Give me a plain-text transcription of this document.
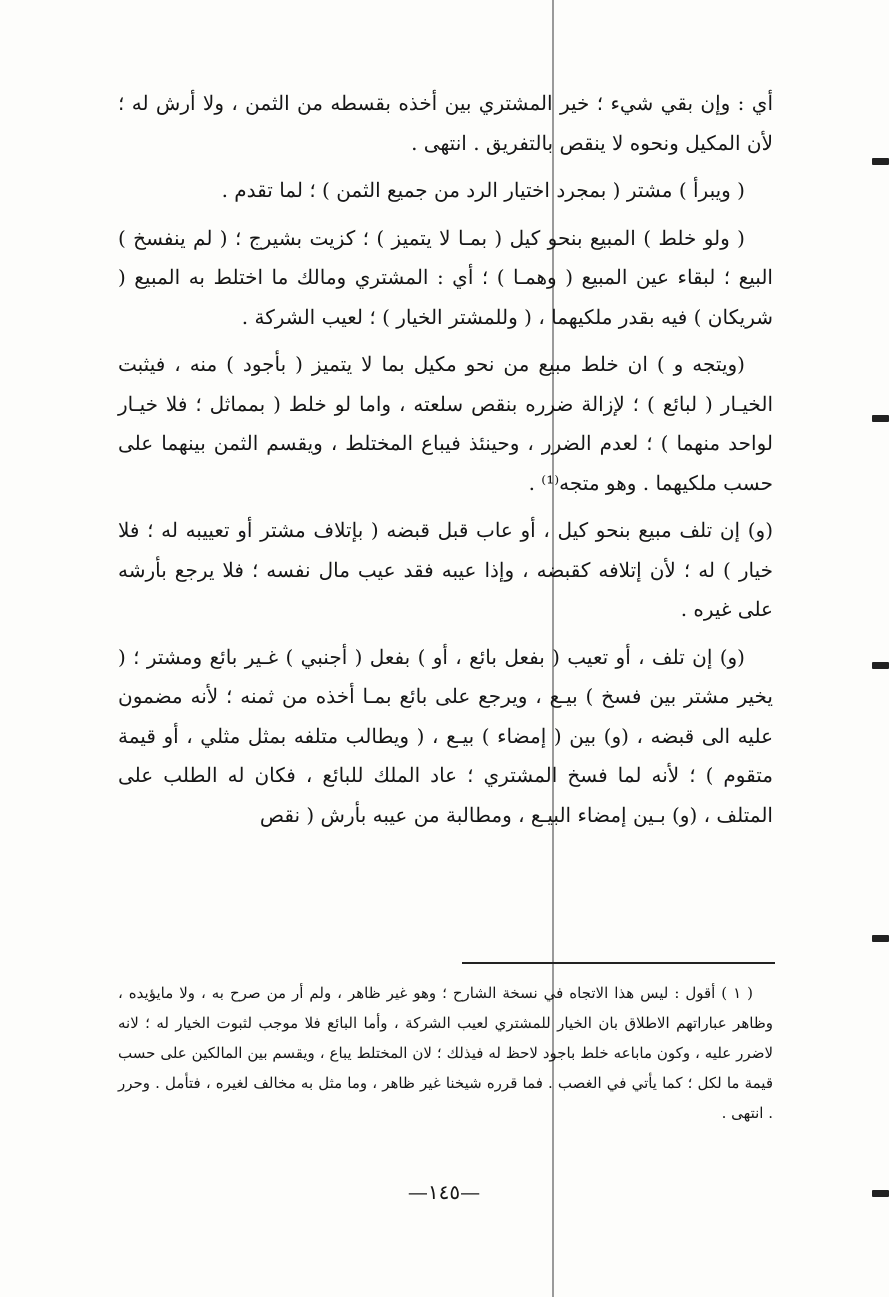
أي : وإن بقي شيء ؛ خير المشتري بين أخذه بقسطه من الثمن ، ولا أرش له ؛ لأن المكيل ونحوه لا ينقص بالتفريق . انتهى .

( ويبرأ ) مشتر ( بمجرد اختيار الرد من جميع الثمن ) ؛ لما تقدم .

( ولو خلط ) المبيع بنحو كيل ( بمـا لا يتميز ) ؛ كزيت بشيرج ؛ ( لم ينفسخ ) البيع ؛ لبقاء عين المبيع ( وهمـا ) ؛ أي : المشتري ومالك ما اختلط به المبيع ( شريكان ) فيه بقدر ملكيهما ، ( وللمشتر الخيار ) ؛ لعيب الشركة .

(ويتجه و ) ان خلط مبيع من نحو مكيل بما لا يتميز ( بأجود ) منه ، فيثبت الخيـار ( لبائع ) ؛ لإزالة ضرره بنقص سلعته ، واما لو خلط ( بمماثل ؛ فلا خيـار لواحد منهما ) ؛ لعدم الضرر ، وحينئذ فيباع المختلط ، ويقسم الثمن بينهما على حسب ملكيهما . وهو متجه⁽¹⁾ .

(و) إن تلف مبيع بنحو كيل ، أو عاب قبل قبضه ( بإتلاف مشتر أو تعييبه له ؛ فلا خيار ) له ؛ لأن إتلافه كقبضه ، وإذا عيبه فقد عيب مال نفسه ؛ فلا يرجع بأرشه على غيره .

(و) إن تلف ، أو تعيب ( بفعل بائع ، أو ) بفعل ( أجنبي ) غـير بائع ومشتر ؛ ( يخير مشتر بين فسخ ) بيـع ، ويرجع على بائع بمـا أخذه من ثمنه ؛ لأنه مضمون عليه الى قبضه ، (و) بين ( إمضاء ) بيـع ، ( ويطالب متلفه بمثل مثلي ، أو قيمة متقوم ) ؛ لأنه لما فسخ المشتري ؛ عاد الملك للبائع ، فكان له الطلب على المتلف ، (و) بـين إمضاء البيـع ، ومطالبة من عيبه بأرش ( نقص

( ١ ) أقول : ليس هذا الاتجاه في نسخة الشارح ؛ وهو غير ظاهر ، ولم أر من صرح به ، ولا مايؤيده ، وظاهر عباراتهم الاطلاق بان الخيار للمشتري لعيب الشركة ، وأما البائع فلا موجب لثبوت الخيار له ؛ لانه لاضرر عليه ، وكون ماباعه خلط باجود لاحظ له فيذلك ؛ لان المختلط يباع ، ويقسم بين المالكين على حسب قيمة ما لكل ؛ كما يأتي في الغصب . فما قرره شيخنا غير ظاهر ، وما مثل به مخالف لغيره ، فتأمل . وحرر . انتهى .

—١٤٥—
